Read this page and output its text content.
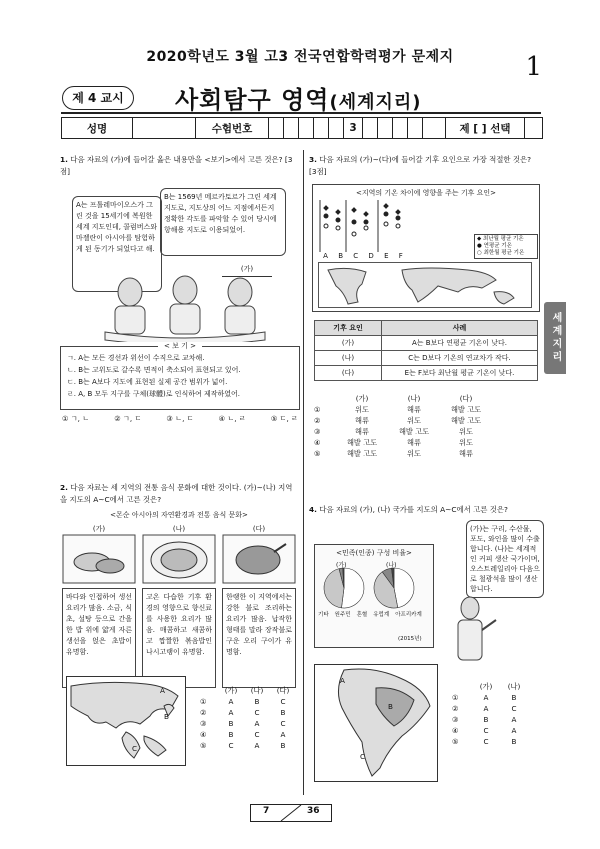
2020학년도 3월 고3 전국연합학력평가 문제지	1
제 4 교시	사회탐구 영역(세계지리)
성명	수험번호	3	제 [ ] 선택
세계지리
1. 다음 자료의 (가)에 들어갈 옳은 내용만을 <보기>에서 고른 것은? [3점]
A는 프톨레마이오스가 그린 것을 15세기에 복원한 세계 지도인데, 콜럼버스와 마젤란이 아시아를 탐험하게 된 동기가 되었다고 해.
B는 1569년 메르카토르가 그린 세계 지도로, 지도상의 어느 지점에서든지 정확한 각도를 파악할 수 있어 당시에 항해용 지도로 이용되었어.
(가)
< 보 기 >
ㄱ. A는 모든 경선과 위선이 수직으로 교차해.
ㄴ. B는 고위도로 갈수록 면적이 축소되어 표현되고 있어.
ㄷ. B는 A보다 지도에 표현된 실제 공간 범위가 넓어.
ㄹ. A, B 모두 지구를 구체(球體)로 인식하여 제작하였어.
① ㄱ, ㄴ	② ㄱ, ㄷ	③ ㄴ, ㄷ	④ ㄴ, ㄹ	⑤ ㄷ, ㄹ
2. 다음 자료는 세 지역의 전통 음식 문화에 대한 것이다. (가)~(나) 지역을 지도의 A~C에서 고른 것은?
<몬순 아시아의 자연환경과 전통 음식 문화>
(가)
바다와 인접하여 생선 요리가 많음. 소금, 식초, 설탕 등으로 간을 한 밥 위에 얇게 자른 생선을 얹은 초밥이 유명함.
(나)
고온 다습한 기후 환경의 영향으로 향신료를 사용한 요리가 많음. 매콤하고 새콤하고 짭짤한 볶음밥인 나시고랭이 유명함.
(다)
한랭한 이 지역에서는 강한 불로 조리하는 요리가 많음. 납작한 형태를 말라 장작불로 구운 오리 구이가 유명함.
A
B
C
(가)	(나)	(다)
①	A	B	C
②	A	C	B
③	B	A	C
④	B	C	A
⑤	C	A	B
3. 다음 자료의 (가)~(다)에 들어갈 기후 요인으로 가장 적절한 것은? [3점]
<지역의 기온 차이에 영향을 주는 기후 요인>
A B C D E F
◆ 최난월 평균 기온
● 연평균 기온
○ 최한월 평균 기온
기후 요인	사례
(가)	A는 B보다 연평균 기온이 낮다.
(나)	C는 D보다 기온의 연교차가 작다.
(다)	E는 F보다 최난월 평균 기온이 낮다.
(가)	(나)	(다)
①	위도	해류	해발 고도
②	해류	위도	해발 고도
③	해류	해발 고도	위도
④	해발 고도	해류	위도
⑤	해발 고도	위도	해류
4. 다음 자료의 (가), (나) 국가를 지도의 A~C에서 고른 것은?
<민족(인종) 구성 비율>
(가)	(나)
기타 원주민 혼혈 유럽계 아프리카계
(2015년)
(가)는 구리, 수산물, 포도, 와인을 많이 수출합니다. (나)는 세계적인 커피 생산 국가이며, 오스트레일리아 다음으로 철광석을 많이 생산합니다.
A
B
C
(가)	(나)
①	A	B
②	A	C
③	B	A
④	C	A
⑤	C	B
7	36
